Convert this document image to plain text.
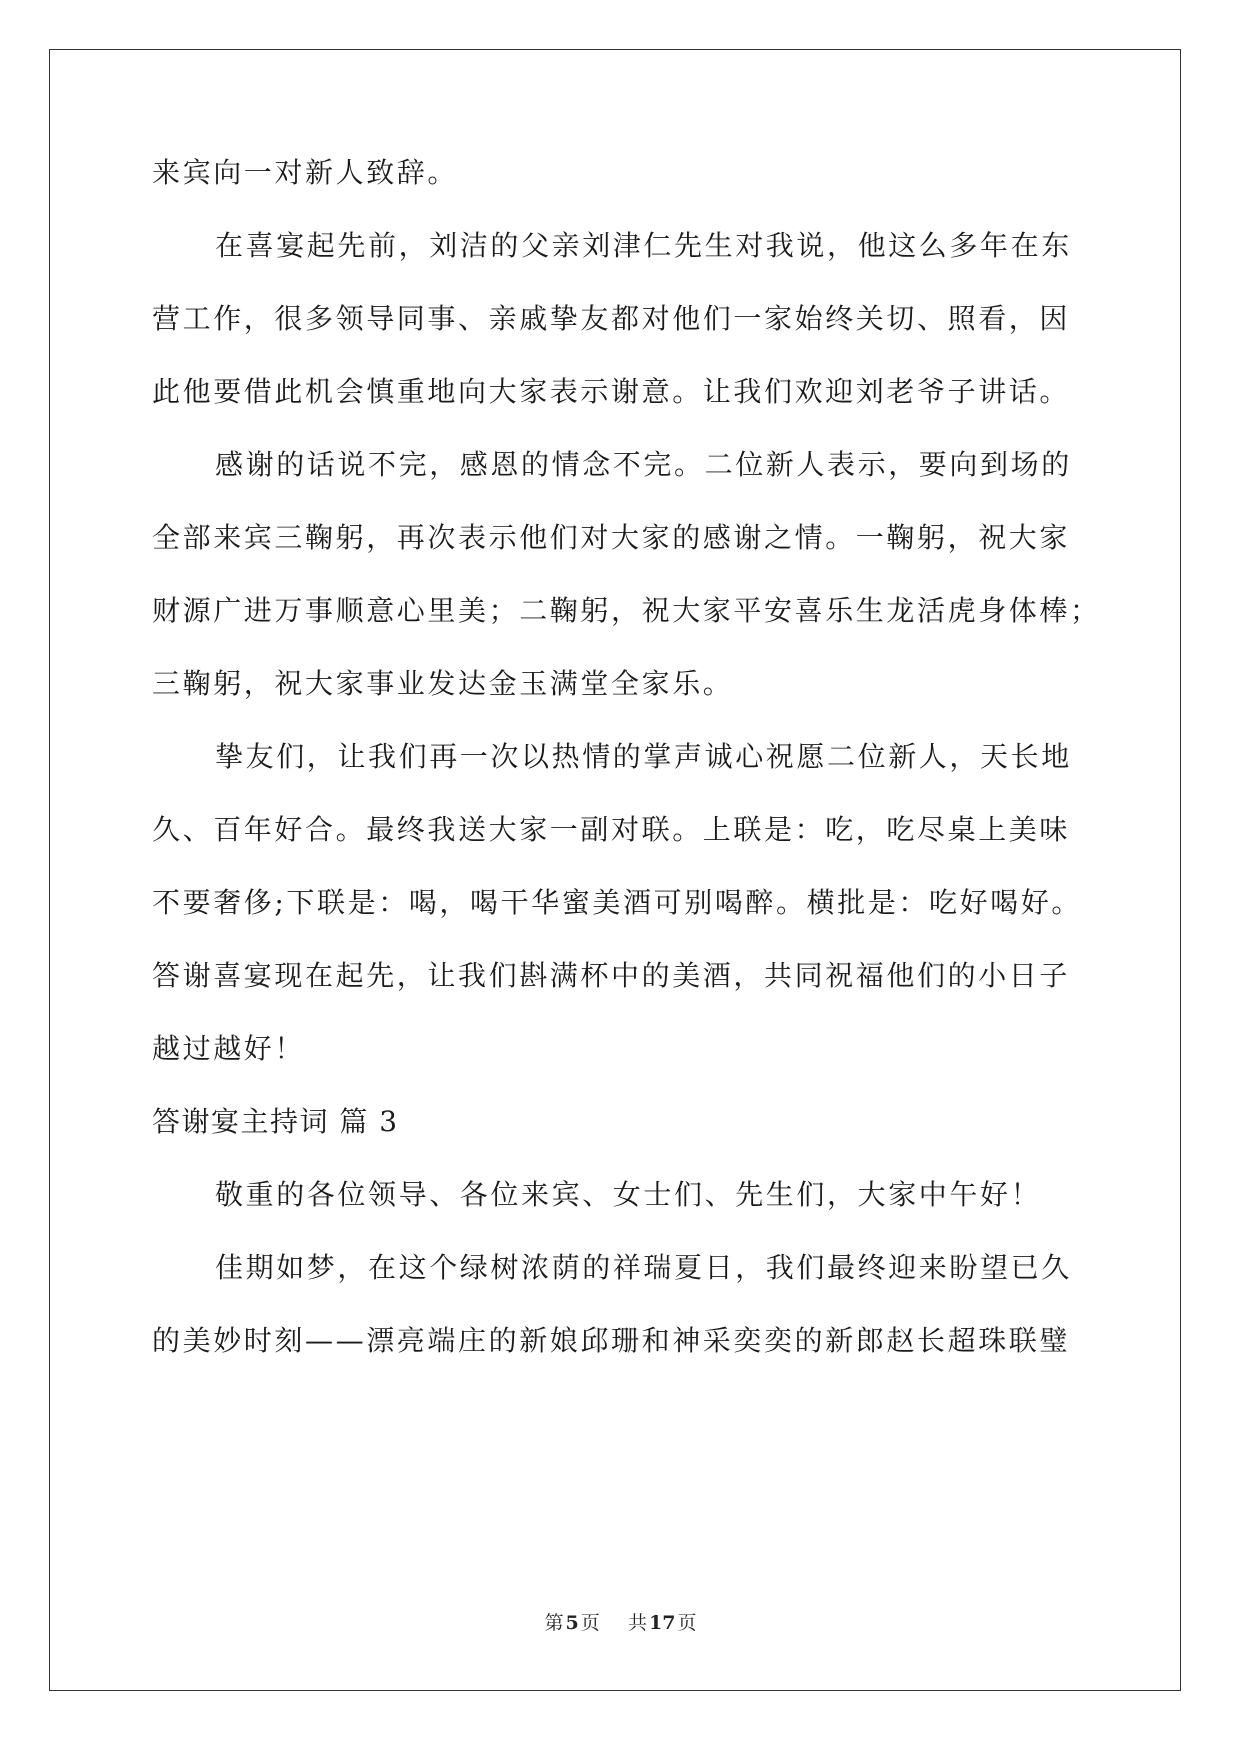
来宾向一对新人致辞。
在喜宴起先前，刘洁的父亲刘津仁先生对我说，他这么多年在东
营工作，很多领导同事、亲戚挚友都对他们一家始终关切、照看，因
此他要借此机会慎重地向大家表示谢意。让我们欢迎刘老爷子讲话。
感谢的话说不完，感恩的情念不完。二位新人表示，要向到场的
全部来宾三鞠躬，再次表示他们对大家的感谢之情。一鞠躬，祝大家
财源广进万事顺意心里美；二鞠躬，祝大家平安喜乐生龙活虎身体棒；
三鞠躬，祝大家事业发达金玉满堂全家乐。
挚友们，让我们再一次以热情的掌声诚心祝愿二位新人，天长地
久、百年好合。最终我送大家一副对联。上联是：吃，吃尽桌上美味
不要奢侈;下联是：喝，喝干华蜜美酒可别喝醉。横批是：吃好喝好。
答谢喜宴现在起先，让我们斟满杯中的美酒，共同祝福他们的小日子
越过越好！
答谢宴主持词 篇 3
敬重的各位领导、各位来宾、女士们、先生们，大家中午好！
佳期如梦，在这个绿树浓荫的祥瑞夏日，我们最终迎来盼望已久
的美妙时刻——漂亮端庄的新娘邱珊和神采奕奕的新郎赵长超珠联璧
第 5 页 共 17 页
